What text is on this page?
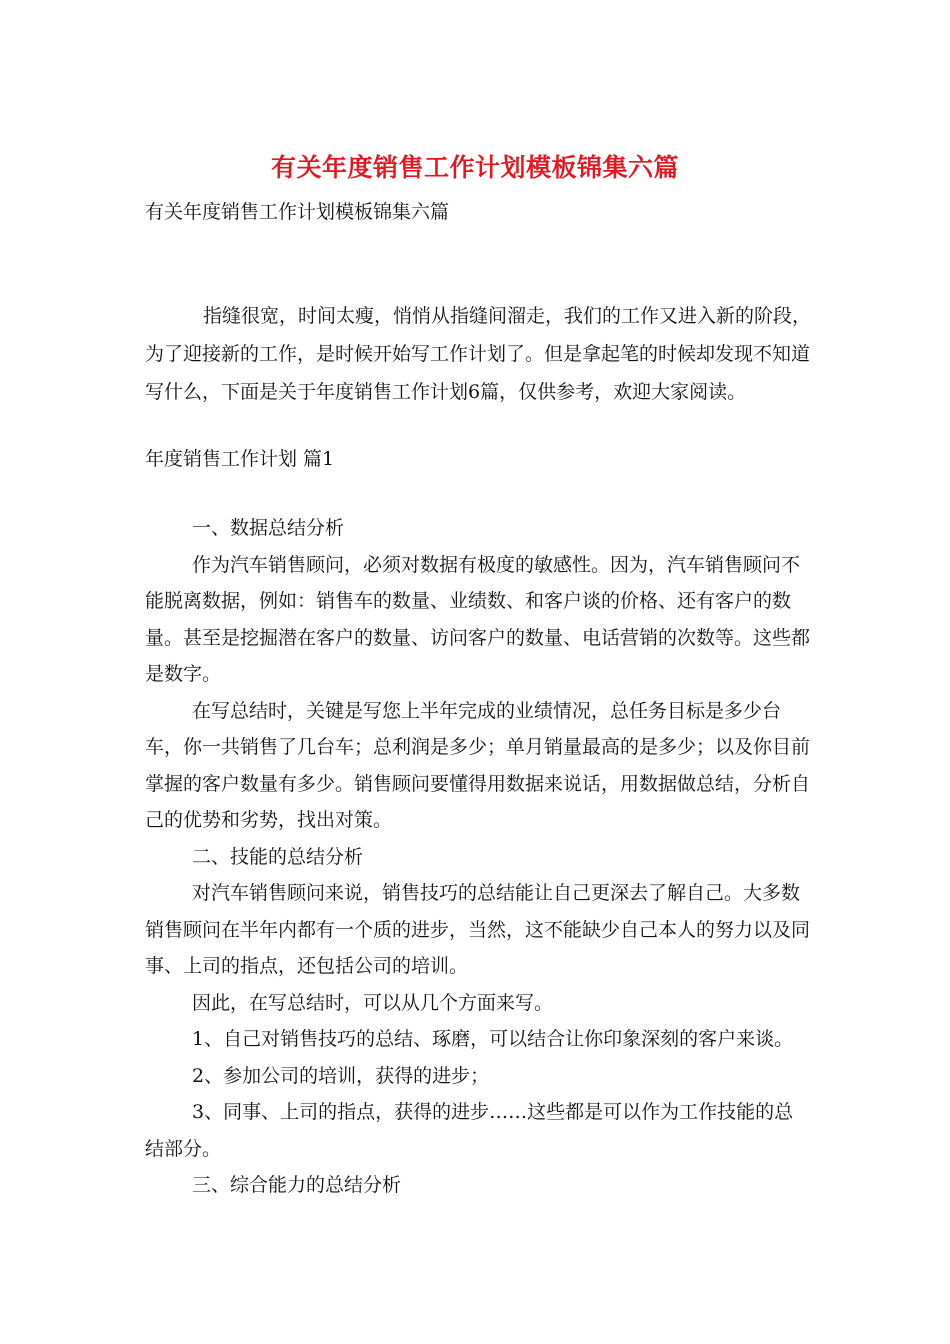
有关年度销售工作计划模板锦集六篇
有关年度销售工作计划模板锦集六篇
指缝很宽，时间太瘦，悄悄从指缝间溜走，我们的工作又进入新的阶段，为了迎接新的工作，是时候开始写工作计划了。但是拿起笔的时候却发现不知道写什么，下面是关于年度销售工作计划6篇，仅供参考，欢迎大家阅读。
年度销售工作计划 篇1

一、数据总结分析

作为汽车销售顾问，必须对数据有极度的敏感性。因为，汽车销售顾问不能脱离数据，例如：销售车的数量、业绩数、和客户谈的价格、还有客户的数量。甚至是挖掘潜在客户的数量、访问客户的数量、电话营销的次数等。这些都是数字。

在写总结时，关键是写您上半年完成的业绩情况，总任务目标是多少台车，你一共销售了几台车；总利润是多少；单月销量最高的是多少；以及你目前掌握的客户数量有多少。销售顾问要懂得用数据来说话，用数据做总结，分析自己的优势和劣势，找出对策。

二、技能的总结分析

对汽车销售顾问来说，销售技巧的总结能让自己更深去了解自己。大多数销售顾问在半年内都有一个质的进步，当然，这不能缺少自己本人的努力以及同事、上司的指点，还包括公司的培训。

因此，在写总结时，可以从几个方面来写。

1、自己对销售技巧的总结、琢磨，可以结合让你印象深刻的客户来谈。

2、参加公司的培训，获得的进步；

3、同事、上司的指点，获得的进步……这些都是可以作为工作技能的总结部分。

三、综合能力的总结分析
